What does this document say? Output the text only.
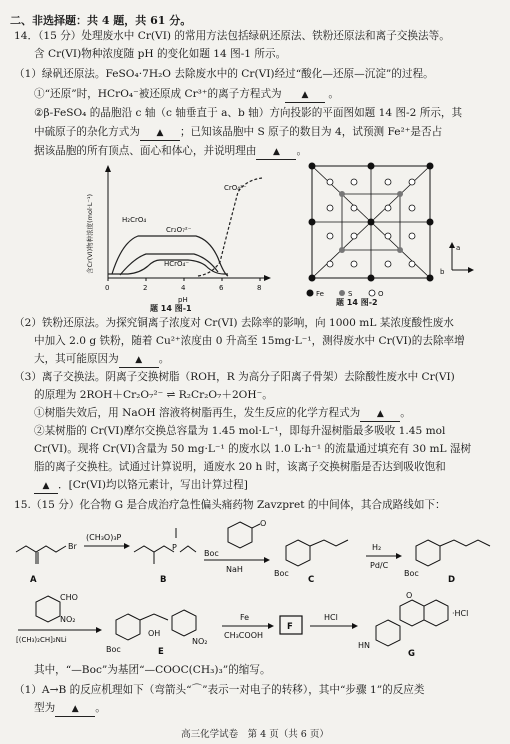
二、非选择题：共 4 题，共 61 分。
14．（15 分）处理废水中 Cr(VI) 的常用方法包括绿矾还原法、铁粉还原法和离子交换法等。
含 Cr(VI)物种浓度随 pH 的变化如题 14 图-1 所示。
（1）绿矾还原法。FeSO₄·7H₂O 去除废水中的 Cr(VI)经过“酸化—还原—沉淀”的过程。
①“还原”时，HCrO₄⁻被还原成 Cr³⁺的离子方程式为 ▲ 。
②β-FeSO₄ 的晶胞沿 c 轴（c 轴垂直于 a、b 轴）方向投影的平面图如题 14 图-2 所示，其
中硫原子的杂化方式为 ▲ ；已知该晶胞中 S 原子的数目为 4，试预测 Fe²⁺是否占
据该晶胞的所有顶点、面心和体心，并说明理由 ▲ 。
0	2	4	6	8
pH
含Cr(VI)物种浓度(mol·L⁻¹)	H₂CrO₄
Cr₂O₇²⁻
HCrO₄⁻
CrO₄²⁻
题 14 图-1
a
b
Fe	S	O
题 14 图-2
（2）铁粉还原法。为探究铜离子浓度对 Cr(VI) 去除率的影响，向 1000 mL 某浓度酸性废水
中加入 2.0 g 铁粉，随着 Cu²⁺浓度由 0 升高至 15mg·L⁻¹，测得废水中 Cr(VI)的去除率增
大，其可能原因为 ▲ 。
（3）离子交换法。阴离子交换树脂（ROH，R 为高分子阳离子骨架）去除酸性废水中 Cr(VI)
的原理为 2ROH＋Cr₂O₇²⁻ ⇌ R₂Cr₂O₇＋2OH⁻。
①树脂失效后，用 NaOH 溶液将树脂再生，发生反应的化学方程式为 ▲ 。
②某树脂的 Cr(VI)摩尔交换总容量为 1.45 mol·L⁻¹，即每升湿树脂最多吸收 1.45 mol
Cr(VI)。现将 Cr(VI)含量为 50 mg·L⁻¹ 的废水以 1.0 L·h⁻¹ 的流量通过填充有 30 mL 湿树
脂的离子交换柱。试通过计算说明，通废水 20 h 时，该离子交换树脂是否达到吸收饱和
▲ ．[Cr(VI)均以铬元素计，写出计算过程]
15.（15 分）化合物 G 是合成治疗急性偏头痛药物 Zavzpret 的中间体，其合成路线如下：
Br
A
(CH₃O)₃P
P
B
O
Boc
NaH	Boc
C
H₂
Pd/C
Boc
D
CHO
NO₂
[(CH₃)₂CH]₂NLi
OH
NO₂
Boc	E
Fe
CH₃COOH
F
HCl
O
·HCl
HN
G
其中，“—Boc”为基团“—COOC(CH₃)₃”的缩写。
（1）A→B 的反应机理如下（弯箭头“⌒”表示一对电子的转移），其中“步骤 1”的反应类
型为 ▲ 。
高三化学试卷　第 4 页（共 6 页）
